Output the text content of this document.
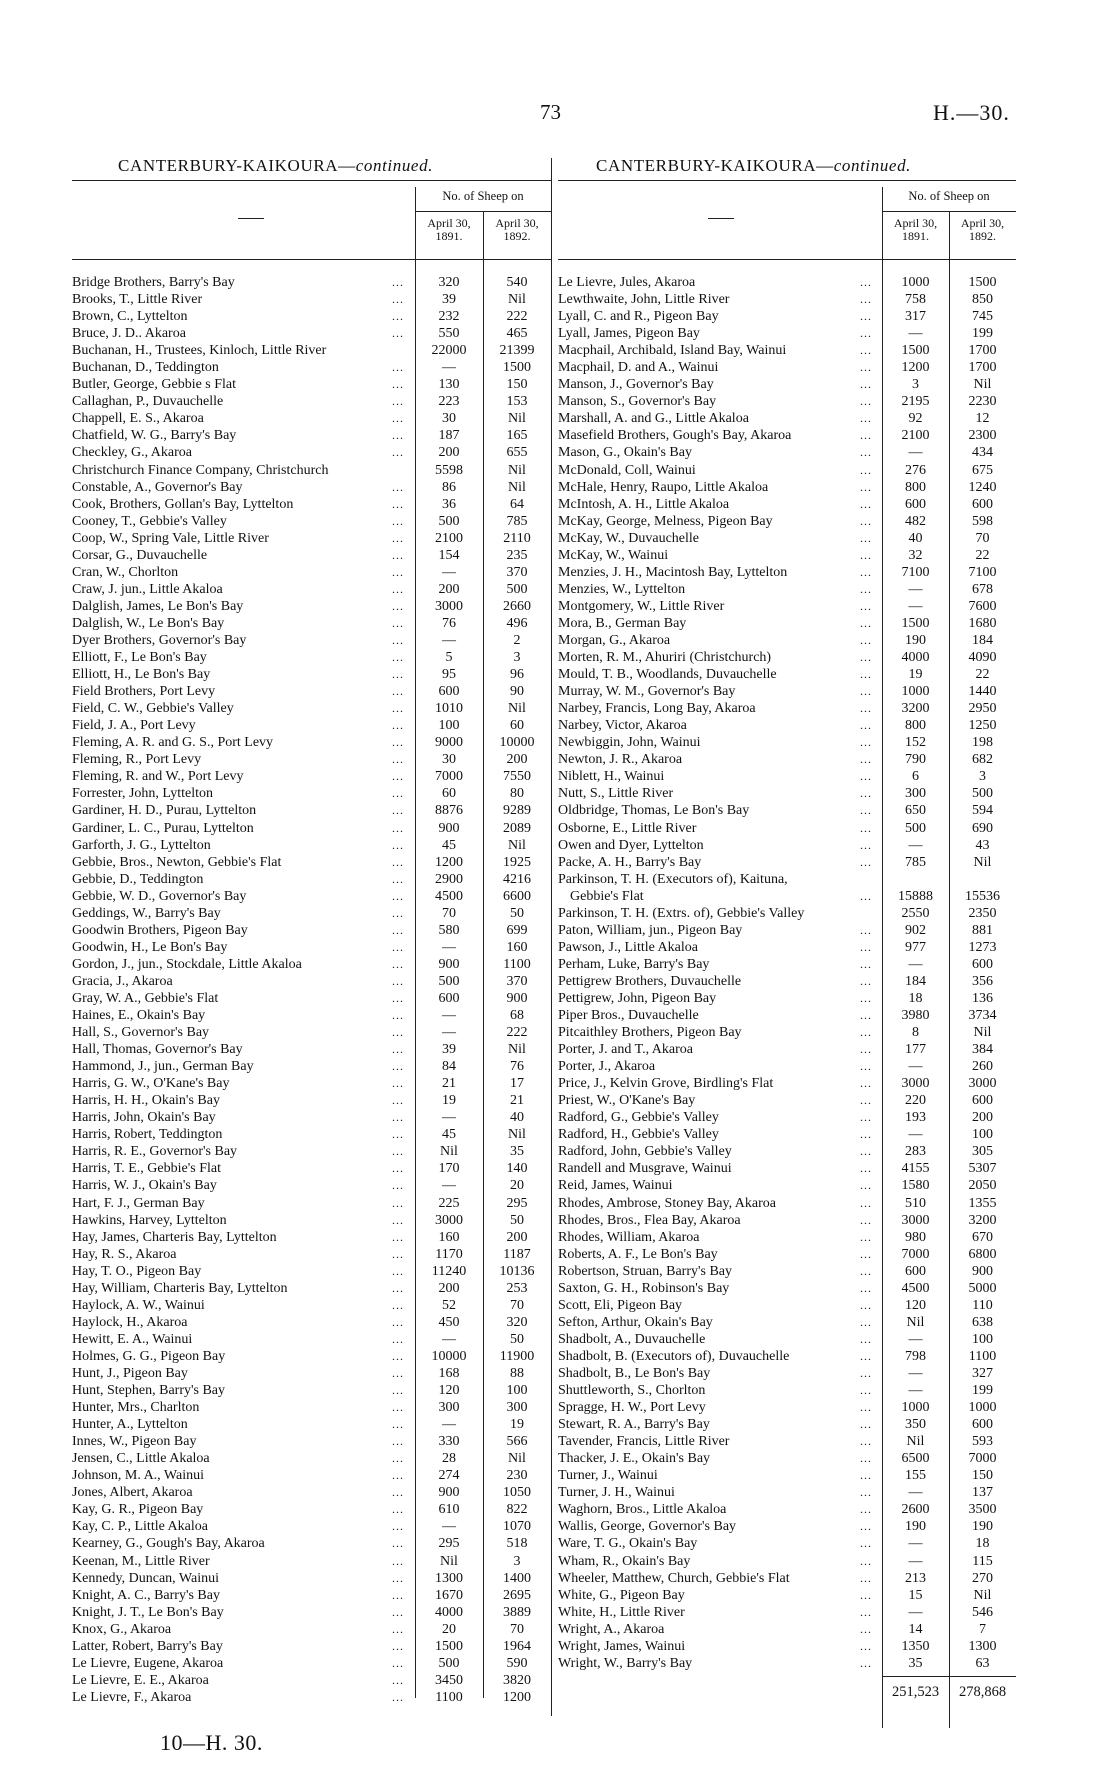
73	H.—30.
CANTERBURY-KAIKOURA—continued.	CANTERBURY-KAIKOURA—continued.
No. of Sheep on
April 30,
1891.
April 30,
1892.
Bridge Brothers, Barry's Bay	...	320	540
Brooks, T., Little River	...	39	Nil
Brown, C., Lyttelton	...	232	222
Bruce, J. D.. Akaroa	...	550	465
Buchanan, H., Trustees, Kinloch, Little River	22000	21399
Buchanan, D., Teddington	...	—	1500
Butler, George, Gebbie s Flat	...	130	150
Callaghan, P., Duvauchelle	...	223	153
Chappell, E. S., Akaroa	...	30	Nil
Chatfield, W. G., Barry's Bay	...	187	165
Checkley, G., Akaroa	...	200	655
Christchurch Finance Company, Christchurch	5598	Nil
Constable, A., Governor's Bay	...	86	Nil
Cook, Brothers, Gollan's Bay, Lyttelton	...	36	64
Cooney, T., Gebbie's Valley	...	500	785
Coop, W., Spring Vale, Little River	...	2100	2110
Corsar, G., Duvauchelle	...	154	235
Cran, W., Chorlton	...	—	370
Craw, J. jun., Little Akaloa	...	200	500
Dalglish, James, Le Bon's Bay	...	3000	2660
Dalglish, W., Le Bon's Bay	...	76	496
Dyer Brothers, Governor's Bay	...	—	2
Elliott, F., Le Bon's Bay	...	5	3
Elliott, H., Le Bon's Bay	...	95	96
Field Brothers, Port Levy	...	600	90
Field, C. W., Gebbie's Valley	...	1010	Nil
Field, J. A., Port Levy	...	100	60
Fleming, A. R. and G. S., Port Levy	...	9000	10000
Fleming, R., Port Levy	...	30	200
Fleming, R. and W., Port Levy	...	7000	7550
Forrester, John, Lyttelton	...	60	80
Gardiner, H. D., Purau, Lyttelton	...	8876	9289
Gardiner, L. C., Purau, Lyttelton	...	900	2089
Garforth, J. G., Lyttelton	...	45	Nil
Gebbie, Bros., Newton, Gebbie's Flat	...	1200	1925
Gebbie, D., Teddington	...	2900	4216
Gebbie, W. D., Governor's Bay	...	4500	6600
Geddings, W., Barry's Bay	...	70	50
Goodwin Brothers, Pigeon Bay	...	580	699
Goodwin, H., Le Bon's Bay	...	—	160
Gordon, J., jun., Stockdale, Little Akaloa	...	900	1100
Gracia, J., Akaroa	...	500	370
Gray, W. A., Gebbie's Flat	...	600	900
Haines, E., Okain's Bay	...	—	68
Hall, S., Governor's Bay	...	—	222
Hall, Thomas, Governor's Bay	...	39	Nil
Hammond, J., jun., German Bay	...	84	76
Harris, G. W., O'Kane's Bay	...	21	17
Harris, H. H., Okain's Bay	...	19	21
Harris, John, Okain's Bay	...	—	40
Harris, Robert, Teddington	...	45	Nil
Harris, R. E., Governor's Bay	...	Nil	35
Harris, T. E., Gebbie's Flat	...	170	140
Harris, W. J., Okain's Bay	...	—	20
Hart, F. J., German Bay	...	225	295
Hawkins, Harvey, Lyttelton	...	3000	50
Hay, James, Charteris Bay, Lyttelton	...	160	200
Hay, R. S., Akaroa	...	1170	1187
Hay, T. O., Pigeon Bay	...	11240	10136
Hay, William, Charteris Bay, Lyttelton	...	200	253
Haylock, A. W., Wainui	...	52	70
Haylock, H., Akaroa	...	450	320
Hewitt, E. A., Wainui	...	—	50
Holmes, G. G., Pigeon Bay	...	10000	11900
Hunt, J., Pigeon Bay	...	168	88
Hunt, Stephen, Barry's Bay	...	120	100
Hunter, Mrs., Charlton	...	300	300
Hunter, A., Lyttelton	...	—	19
Innes, W., Pigeon Bay	...	330	566
Jensen, C., Little Akaloa	...	28	Nil
Johnson, M. A., Wainui	...	274	230
Jones, Albert, Akaroa	...	900	1050
Kay, G. R., Pigeon Bay	...	610	822
Kay, C. P., Little Akaloa	...	—	1070
Kearney, G., Gough's Bay, Akaroa	...	295	518
Keenan, M., Little River	...	Nil	3
Kennedy, Duncan, Wainui	...	1300	1400
Knight, A. C., Barry's Bay	...	1670	2695
Knight, J. T., Le Bon's Bay	...	4000	3889
Knox, G., Akaroa	...	20	70
Latter, Robert, Barry's Bay	...	1500	1964
Le Lievre, Eugene, Akaroa	...	500	590
Le Lievre, E. E., Akaroa	...	3450	3820
Le Lievre, F., Akaroa	...	1100	1200
No. of Sheep on
April 30,
1891.
April 30,
1892.
Le Lievre, Jules, Akaroa	...	1000	1500
Lewthwaite, John, Little River	...	758	850
Lyall, C. and R., Pigeon Bay	...	317	745
Lyall, James, Pigeon Bay	...	—	199
Macphail, Archibald, Island Bay, Wainui	...	1500	1700
Macphail, D. and A., Wainui	...	1200	1700
Manson, J., Governor's Bay	...	3	Nil
Manson, S., Governor's Bay	...	2195	2230
Marshall, A. and G., Little Akaloa	...	92	12
Masefield Brothers, Gough's Bay, Akaroa	...	2100	2300
Mason, G., Okain's Bay	...	—	434
McDonald, Coll, Wainui	...	276	675
McHale, Henry, Raupo, Little Akaloa	...	800	1240
McIntosh, A. H., Little Akaloa	...	600	600
McKay, George, Melness, Pigeon Bay	...	482	598
McKay, W., Duvauchelle	...	40	70
McKay, W., Wainui	...	32	22
Menzies, J. H., Macintosh Bay, Lyttelton	...	7100	7100
Menzies, W., Lyttelton	...	—	678
Montgomery, W., Little River	...	—	7600
Mora, B., German Bay	...	1500	1680
Morgan, G., Akaroa	...	190	184
Morten, R. M., Ahuriri (Christchurch)	...	4000	4090
Mould, T. B., Woodlands, Duvauchelle	...	19	22
Murray, W. M., Governor's Bay	...	1000	1440
Narbey, Francis, Long Bay, Akaroa	...	3200	2950
Narbey, Victor, Akaroa	...	800	1250
Newbiggin, John, Wainui	...	152	198
Newton, J. R., Akaroa	...	790	682
Niblett, H., Wainui	...	6	3
Nutt, S., Little River	...	300	500
Oldbridge, Thomas, Le Bon's Bay	...	650	594
Osborne, E., Little River	...	500	690
Owen and Dyer, Lyttelton	...	—	43
Packe, A. H., Barry's Bay	...	785	Nil
Parkinson, T. H. (Executors of), Kaituna,
Gebbie's Flat	...	15888	15536
Parkinson, T. H. (Extrs. of), Gebbie's Valley	2550	2350
Paton, William, jun., Pigeon Bay	...	902	881
Pawson, J., Little Akaloa	...	977	1273
Perham, Luke, Barry's Bay	...	—	600
Pettigrew Brothers, Duvauchelle	...	184	356
Pettigrew, John, Pigeon Bay	...	18	136
Piper Bros., Duvauchelle	...	3980	3734
Pitcaithley Brothers, Pigeon Bay	...	8	Nil
Porter, J. and T., Akaroa	...	177	384
Porter, J., Akaroa	...	—	260
Price, J., Kelvin Grove, Birdling's Flat	...	3000	3000
Priest, W., O'Kane's Bay	...	220	600
Radford, G., Gebbie's Valley	...	193	200
Radford, H., Gebbie's Valley	...	—	100
Radford, John, Gebbie's Valley	...	283	305
Randell and Musgrave, Wainui	...	4155	5307
Reid, James, Wainui	...	1580	2050
Rhodes, Ambrose, Stoney Bay, Akaroa	...	510	1355
Rhodes, Bros., Flea Bay, Akaroa	...	3000	3200
Rhodes, William, Akaroa	...	980	670
Roberts, A. F., Le Bon's Bay	...	7000	6800
Robertson, Struan, Barry's Bay	...	600	900
Saxton, G. H., Robinson's Bay	...	4500	5000
Scott, Eli, Pigeon Bay	...	120	110
Sefton, Arthur, Okain's Bay	...	Nil	638
Shadbolt, A., Duvauchelle	...	—	100
Shadbolt, B. (Executors of), Duvauchelle	...	798	1100
Shadbolt, B., Le Bon's Bay	...	—	327
Shuttleworth, S., Chorlton	...	—	199
Spragge, H. W., Port Levy	...	1000	1000
Stewart, R. A., Barry's Bay	...	350	600
Tavender, Francis, Little River	...	Nil	593
Thacker, J. E., Okain's Bay	...	6500	7000
Turner, J., Wainui	...	155	150
Turner, J. H., Wainui	...	—	137
Waghorn, Bros., Little Akaloa	...	2600	3500
Wallis, George, Governor's Bay	...	190	190
Ware, T. G., Okain's Bay	...	—	18
Wham, R., Okain's Bay	...	—	115
Wheeler, Matthew, Church, Gebbie's Flat	...	213	270
White, G., Pigeon Bay	...	15	Nil
White, H., Little River	...	—	546
Wright, A., Akaroa	...	14	7
Wright, James, Wainui	...	1350	1300
Wright, W., Barry's Bay	...	35	63
251,523	278,868
10—H. 30.
